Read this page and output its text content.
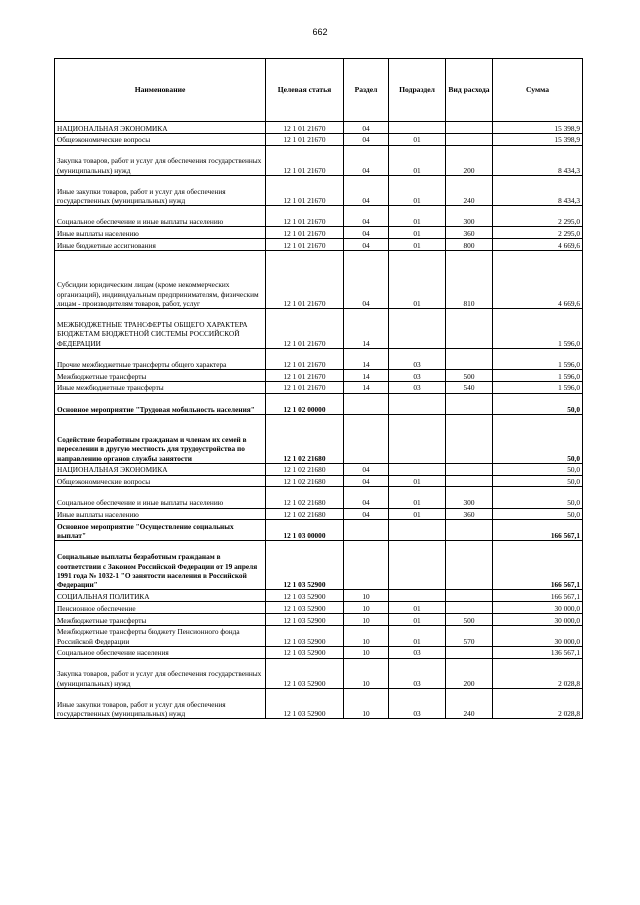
662
Наименование	Целевая статья	Раздел	Подраздел	Вид расхода	Сумма
НАЦИОНАЛЬНАЯ ЭКОНОМИКА	12 1 01 21670	04			15 398,9
Общеэкономические вопросы	12 1 01 21670	04	01		15 398,9
Закупка товаров, работ и услуг для обеспечения государственных (муниципальных) нужд	12 1 01 21670	04	01	200	8 434,3
Иные закупки товаров, работ и услуг для обеспечения государственных (муниципальных) нужд	12 1 01 21670	04	01	240	8 434,3
Социальное обеспечение и иные выплаты населению	12 1 01 21670	04	01	300	2 295,0
Иные выплаты населению	12 1 01 21670	04	01	360	2 295,0
Иные бюджетные ассигнования	12 1 01 21670	04	01	800	4 669,6
Субсидии юридическим лицам (кроме некоммерческих организаций), индивидуальным предпринимателям, физическим лицам - производителям товаров, работ, услуг	12 1 01 21670	04	01	810	4 669,6
МЕЖБЮДЖЕТНЫЕ ТРАНСФЕРТЫ ОБЩЕГО ХАРАКТЕРА БЮДЖЕТАМ БЮДЖЕТНОЙ СИСТЕМЫ РОССИЙСКОЙ ФЕДЕРАЦИИ	12 1 01 21670	14			1 596,0
Прочие межбюджетные трансферты общего характера	12 1 01 21670	14	03		1 596,0
Межбюджетные трансферты	12 1 01 21670	14	03	500	1 596,0
Иные межбюджетные трансферты	12 1 01 21670	14	03	540	1 596,0
Основное мероприятие "Трудовая мобильность населения"	12 1 02 00000				50,0
Содействие безработным гражданам и членам их семей в переселении в другую местность для трудоустройства по направлению органов службы занятости	12 1 02 21680				50,0
НАЦИОНАЛЬНАЯ ЭКОНОМИКА	12 1 02 21680	04			50,0
Общеэкономические вопросы	12 1 02 21680	04	01		50,0
Социальное обеспечение и иные выплаты населению	12 1 02 21680	04	01	300	50,0
Иные выплаты населению	12 1 02 21680	04	01	360	50,0
Основное мероприятие "Осуществление социальных выплат"	12 1 03 00000				166 567,1
Социальные выплаты безработным гражданам в соответствии с Законом Российской Федерации от 19 апреля 1991 года № 1032-1 "О занятости населения в Российской Федерации"	12 1 03 52900				166 567,1
СОЦИАЛЬНАЯ ПОЛИТИКА	12 1 03 52900	10			166 567,1
Пенсионное обеспечение	12 1 03 52900	10	01		30 000,0
Межбюджетные трансферты	12 1 03 52900	10	01	500	30 000,0
Межбюджетные трансферты бюджету Пенсионного фонда Российской Федерации	12 1 03 52900	10	01	570	30 000,0
Социальное обеспечение населения	12 1 03 52900	10	03		136 567,1
Закупка товаров, работ и услуг для обеспечения государственных (муниципальных) нужд	12 1 03 52900	10	03	200	2 028,8
Иные закупки товаров, работ и услуг для обеспечения государственных (муниципальных) нужд	12 1 03 52900	10	03	240	2 028,8
